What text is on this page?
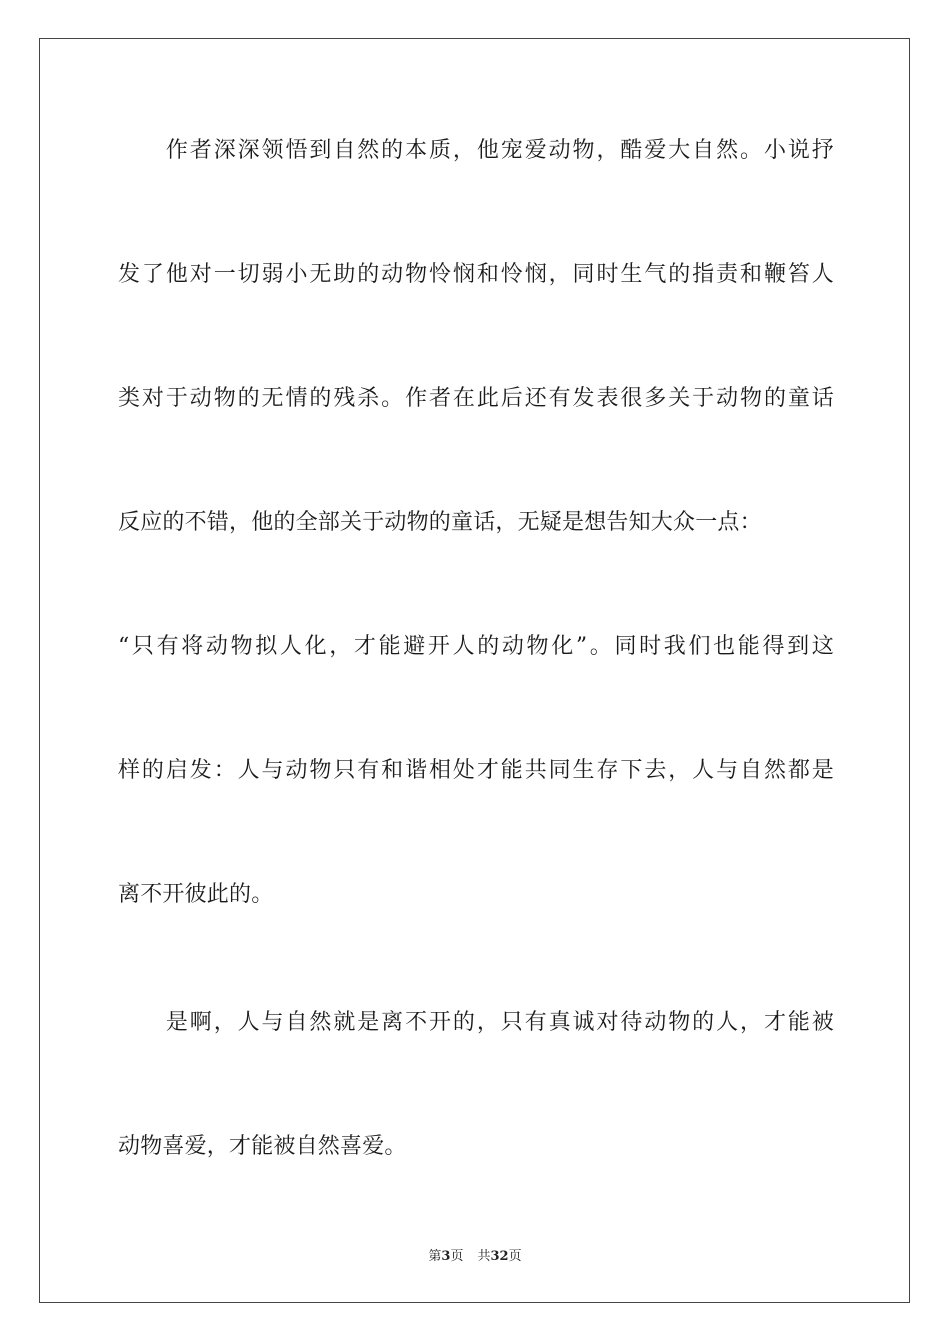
　　作者深深领悟到自然的本质，他宠爱动物，酷爱大自然。小说抒
发了他对一切弱小无助的动物怜悯和怜悯，同时生气的指责和鞭笞人
类对于动物的无情的残杀。作者在此后还有发表很多关于动物的童话
反应的不错，他的全部关于动物的童话，无疑是想告知大众一点：
“只有将动物拟人化，才能避开人的动物化”。同时我们也能得到这
样的启发：人与动物只有和谐相处才能共同生存下去，人与自然都是
离不开彼此的。
　　是啊，人与自然就是离不开的，只有真诚对待动物的人，才能被
动物喜爱，才能被自然喜爱。
第3页 共32页
